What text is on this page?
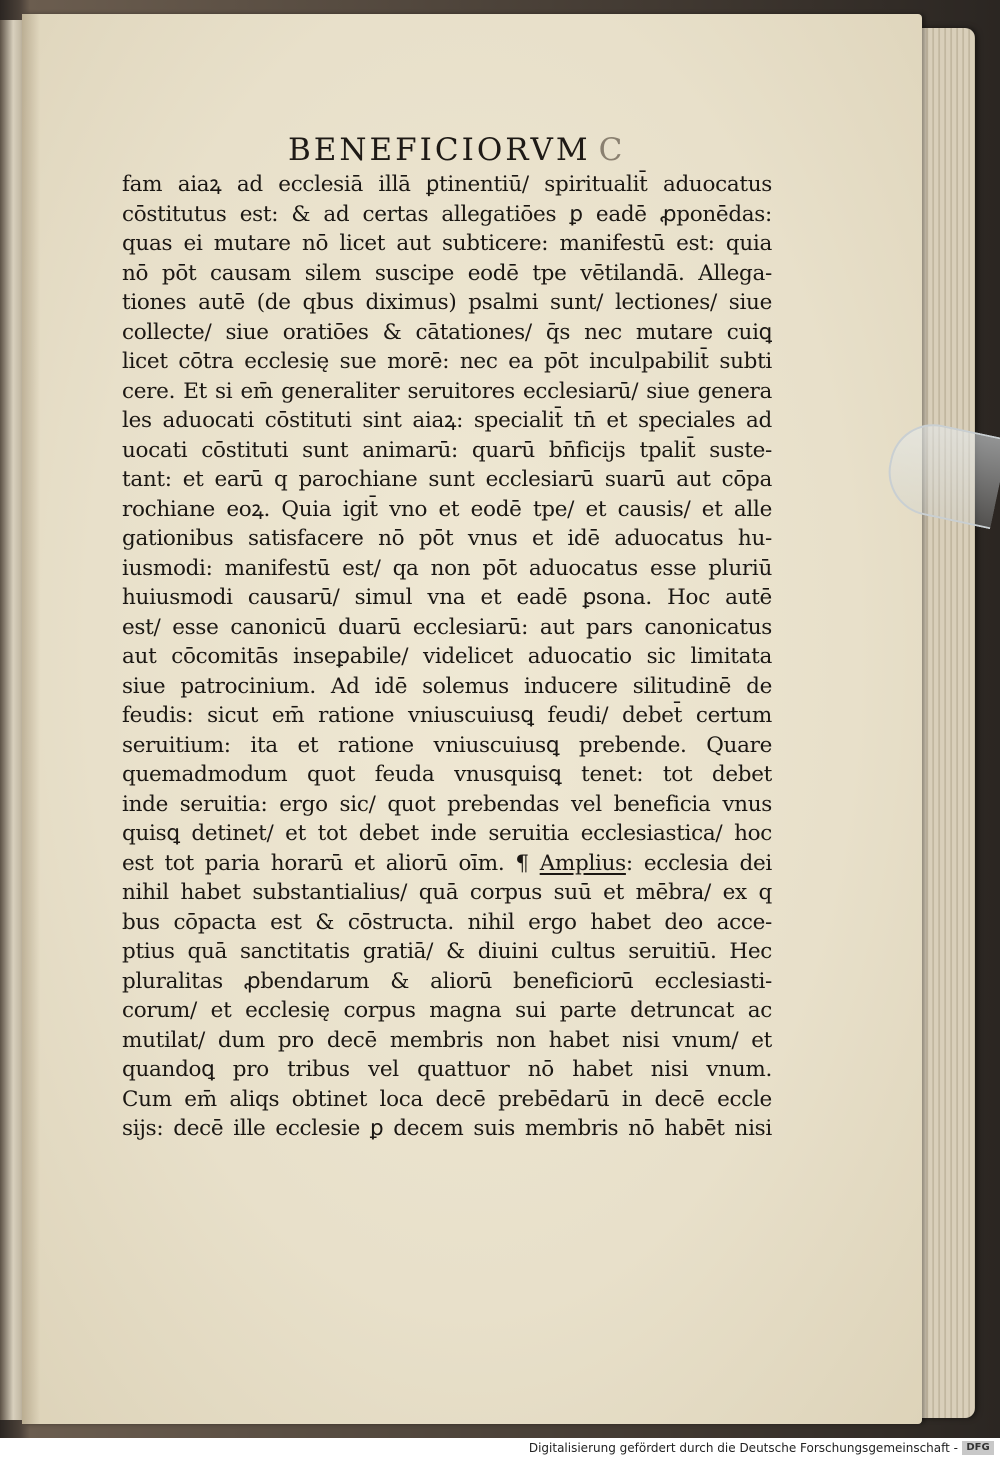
BENEFICIORVM C
fam aiaꝝ ad ecclesiā illā ꝑtinentiū/ spiritualit̄ aduocatus
cōstitutus est: & ad certas allegatiōes ꝑ eadē ꝓponēdas:
quas ei mutare nō licet aut subticere: manifestū est: quia
nō pōt causam silem suscipe eodē tpe vētilandā. Allega-
tiones autē (de qbus diximus) psalmi sunt/ lectiones/ siue
collecte/ siue oratiōes & cātationes/ q̄s nec mutare cuiꝗ
licet cōtra ecclesię sue morē: nec ea pōt inculpabilit̄ subti
cere. Et si em̄ generaliter seruitores ecclesiarū/ siue genera
les aduocati cōstituti sint aiaꝝ: specialit̄ tn̄ et speciales ad
uocati cōstituti sunt animarū: quarū bn̄ficijs tpalit̄ suste-
tant: et earū q parochiane sunt ecclesiarū suarū aut cōpa
rochiane eoꝝ. Quia igit̄ vno et eodē tpe/ et causis/ et alle
gationibus satisfacere nō pōt vnus et idē aduocatus hu-
iusmodi: manifestū est/ qa non pōt aduocatus esse pluriū
huiusmodi causarū/ simul vna et eadē ꝑsona. Hoc autē
est/ esse canonicū duarū ecclesiarū: aut pars canonicatus
aut cōcomitās inseꝑabile/ videlicet aduocatio sic limitata
siue patrocinium. Ad idē solemus inducere silitudinē de
feudis: sicut em̄ ratione vniuscuiusꝗ feudi/ debet̄ certum
seruitium: ita et ratione vniuscuiusꝗ prebende. Quare
quemadmodum quot feuda vnusquisꝗ tenet: tot debet
inde seruitia: ergo sic/ quot prebendas vel beneficia vnus
quisꝗ detinet/ et tot debet inde seruitia ecclesiastica/ hoc
est tot paria horarū et aliorū oīm. ¶ Amplius: ecclesia dei
nihil habet substantialius/ quā corpus suū et mēbra/ ex q
bus cōpacta est & cōstructa. nihil ergo habet deo acce-
ptius quā sanctitatis gratiā/ & diuini cultus seruitiū. Hec
pluralitas ꝓbendarum & aliorū beneficiorū ecclesiasti-
corum/ et ecclesię corpus magna sui parte detruncat ac
mutilat/ dum pro decē membris non habet nisi vnum/ et
quandoꝗ pro tribus vel quattuor nō habet nisi vnum.
Cum em̄ aliqs obtinet loca decē prebēdarū in decē eccle
sijs: decē ille ecclesie ꝑ decem suis membris nō habēt nisi
Digitalisierung gefördert durch die Deutsche Forschungsgemeinschaft - DFG
